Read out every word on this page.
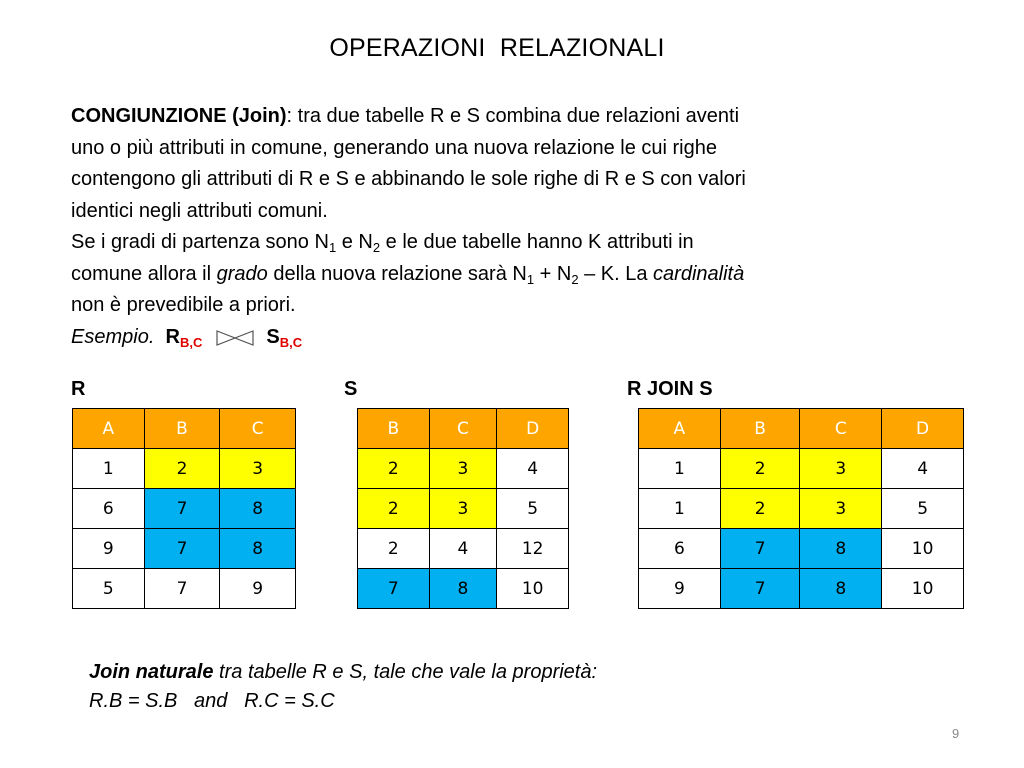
OPERAZIONI  RELAZIONALI

CONGIUNZIONE (Join): tra due tabelle R e S combina due relazioni aventi

uno o più attributi in comune, generando una nuova relazione le cui righe

contengono gli attributi di R e S e abbinando le sole righe di R e S con valori

identici negli attributi comuni.

Se i gradi di partenza sono $N_1$ e $N_2$ e le due tabelle hanno K attributi in

comune allora il grado della nuova relazione sarà $N_1 + N_2 - K$. La cardinalità

non è prevedibile a priori.

Esempio. $R_{B,C}$	$S_{B,C}$

R	S	R JOIN S
A	B	C
1	2	3
6	7	8
9	7	8
5	7	9
B	C	D
2	3	4
2	3	5
2	4	12
7	8	10
A	B	C	D
1	2	3	4
1	2	3	5
6	7	8	10
9	7	8	10

Join naturale tra tabelle R e S, tale che vale la proprietà:

R.B = S.B   and   R.C = S.C

9
